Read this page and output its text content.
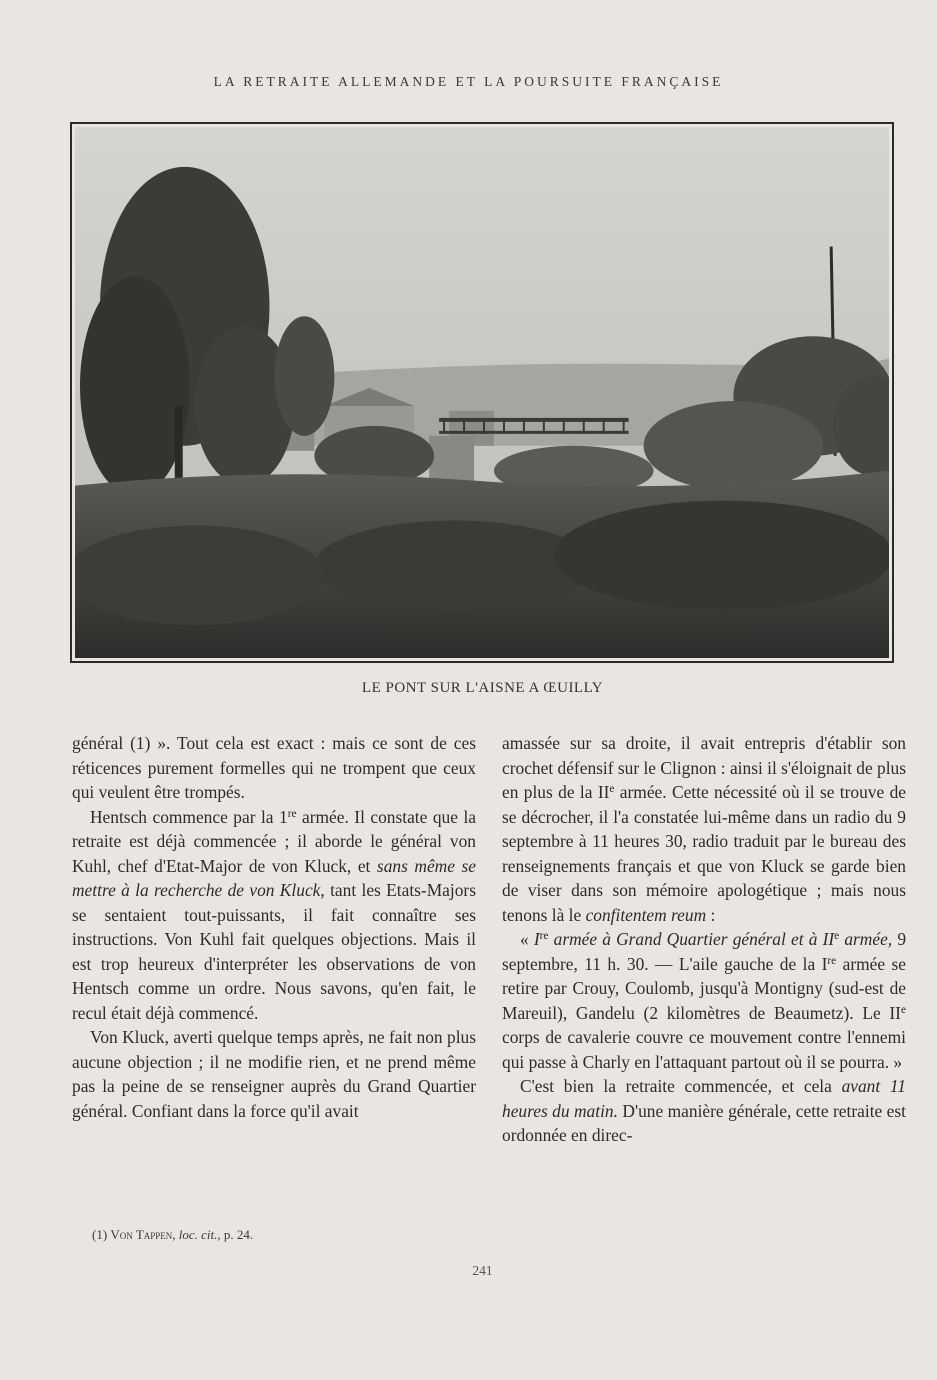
LA RETRAITE ALLEMANDE ET LA POURSUITE FRANÇAISE
LE PONT SUR L'AISNE A ŒUILLY

général (1) ». Tout cela est exact : mais ce sont de ces réticences purement formelles qui ne trompent que ceux qui veulent être trompés.

Hentsch commence par la 1re armée. Il constate que la retraite est déjà commencée ; il aborde le général von Kuhl, chef d'Etat-Major de von Kluck, et sans même se mettre à la recherche de von Kluck, tant les Etats-Majors se sentaient tout-puissants, il fait connaître ses instructions. Von Kuhl fait quelques objections. Mais il est trop heureux d'interpréter les observations de von Hentsch comme un ordre. Nous savons, qu'en fait, le recul était déjà commencé.

Von Kluck, averti quelque temps après, ne fait non plus aucune objection ; il ne modifie rien, et ne prend même pas la peine de se renseigner auprès du Grand Quartier général. Confiant dans la force qu'il avait

amassée sur sa droite, il avait entrepris d'établir son crochet défensif sur le Clignon : ainsi il s'éloignait de plus en plus de la IIe armée. Cette nécessité où il se trouve de se décrocher, il l'a constatée lui-même dans un radio du 9 septembre à 11 heures 30, radio traduit par le bureau des renseignements français et que von Kluck se garde bien de viser dans son mémoire apologétique ; mais nous tenons là le confitentem reum :

« Ire armée à Grand Quartier général et à IIe armée, 9 septembre, 11 h. 30. — L'aile gauche de la Ire armée se retire par Crouy, Coulomb, jusqu'à Montigny (sud-est de Mareuil), Gandelu (2 kilomètres de Beaumetz). Le IIe corps de cavalerie couvre ce mouvement contre l'ennemi qui passe à Charly en l'attaquant partout où il se pourra. »

C'est bien la retraite commencée, et cela avant 11 heures du matin. D'une manière générale, cette retraite est ordonnée en direc-

(1) Von Tappen, loc. cit., p. 24.
241
